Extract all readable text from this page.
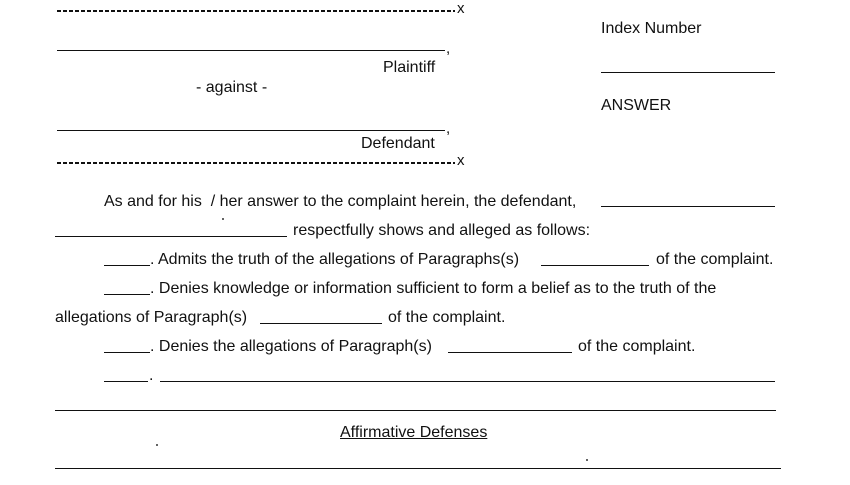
x
,
Plaintiff
- against -
,
Defendant
x
Index Number
ANSWER
As and for his  / her answer to the complaint herein, the defendant,
respectfully shows and alleged as follows:
. Admits the truth of the allegations of Paragraphs(s)	of the complaint.
. Denies knowledge or information sufficient to form a belief as to the truth of the
allegations of Paragraph(s)	of the complaint.
. Denies the allegations of Paragraph(s)	of the complaint.
.
Affirmative Defenses
